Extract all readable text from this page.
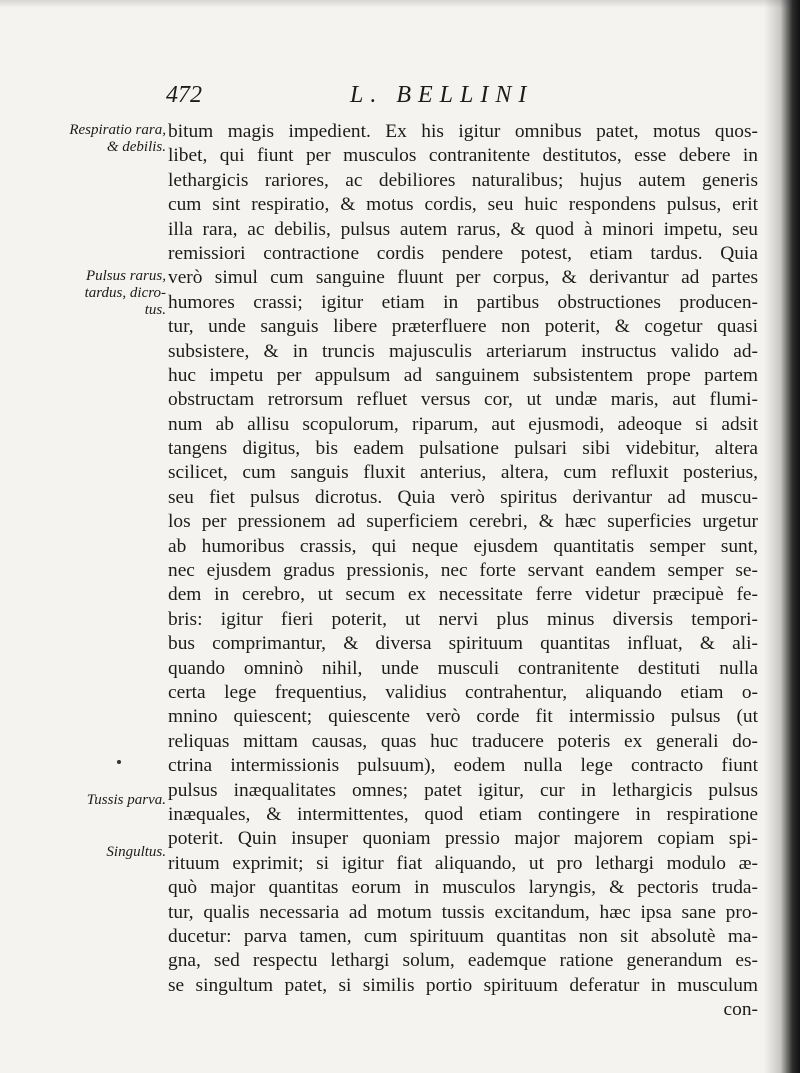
472	L. BELLINI
Respiratio rara,
& debilis.
Pulsus rarus,
tardus, dicro-
tus.
Tussis parva.
Singultus.
bitum magis impedient. Ex his igitur omnibus patet, motus quos-
libet, qui fiunt per musculos contranitente destitutos, esse debere in
lethargicis rariores, ac debiliores naturalibus; hujus autem generis
cum sint respiratio, & motus cordis, seu huic respondens pulsus, erit
illa rara, ac debilis, pulsus autem rarus, & quod à minori impetu, seu
remissiori contractione cordis pendere potest, etiam tardus. Quia
verò simul cum sanguine fluunt per corpus, & derivantur ad partes
humores crassi; igitur etiam in partibus obstructiones producen-
tur, unde sanguis libere præterfluere non poterit, & cogetur quasi
subsistere, & in truncis majusculis arteriarum instructus valido ad-
huc impetu per appulsum ad sanguinem subsistentem prope partem
obstructam retrorsum refluet versus cor, ut undæ maris, aut flumi-
num ab allisu scopulorum, riparum, aut ejusmodi, adeoque si adsit
tangens digitus, bis eadem pulsatione pulsari sibi videbitur, altera
scilicet, cum sanguis fluxit anterius, altera, cum refluxit posterius,
seu fiet pulsus dicrotus. Quia verò spiritus derivantur ad muscu-
los per pressionem ad superficiem cerebri, & hæc superficies urgetur
ab humoribus crassis, qui neque ejusdem quantitatis semper sunt,
nec ejusdem gradus pressionis, nec forte servant eandem semper se-
dem in cerebro, ut secum ex necessitate ferre videtur præcipuè fe-
bris: igitur fieri poterit, ut nervi plus minus diversis tempori-
bus comprimantur, & diversa spirituum quantitas influat, & ali-
quando omninò nihil, unde musculi contranitente destituti nulla
certa lege frequentius, validius contrahentur, aliquando etiam o-
mnino quiescent; quiescente verò corde fit intermissio pulsus (ut
reliquas mittam causas, quas huc traducere poteris ex generali do-
ctrina intermissionis pulsuum), eodem nulla lege contracto fiunt
pulsus inæqualitates omnes; patet igitur, cur in lethargicis pulsus
inæquales, & intermittentes, quod etiam contingere in respiratione
poterit. Quin insuper quoniam pressio major majorem copiam spi-
rituum exprimit; si igitur fiat aliquando, ut pro lethargi modulo æ-
quò major quantitas eorum in musculos laryngis, & pectoris truda-
tur, qualis necessaria ad motum tussis excitandum, hæc ipsa sane pro-
ducetur: parva tamen, cum spirituum quantitas non sit absolutè ma-
gna, sed respectu lethargi solum, eademque ratione generandum es-
se singultum patet, si similis portio spirituum deferatur in musculum
con-
